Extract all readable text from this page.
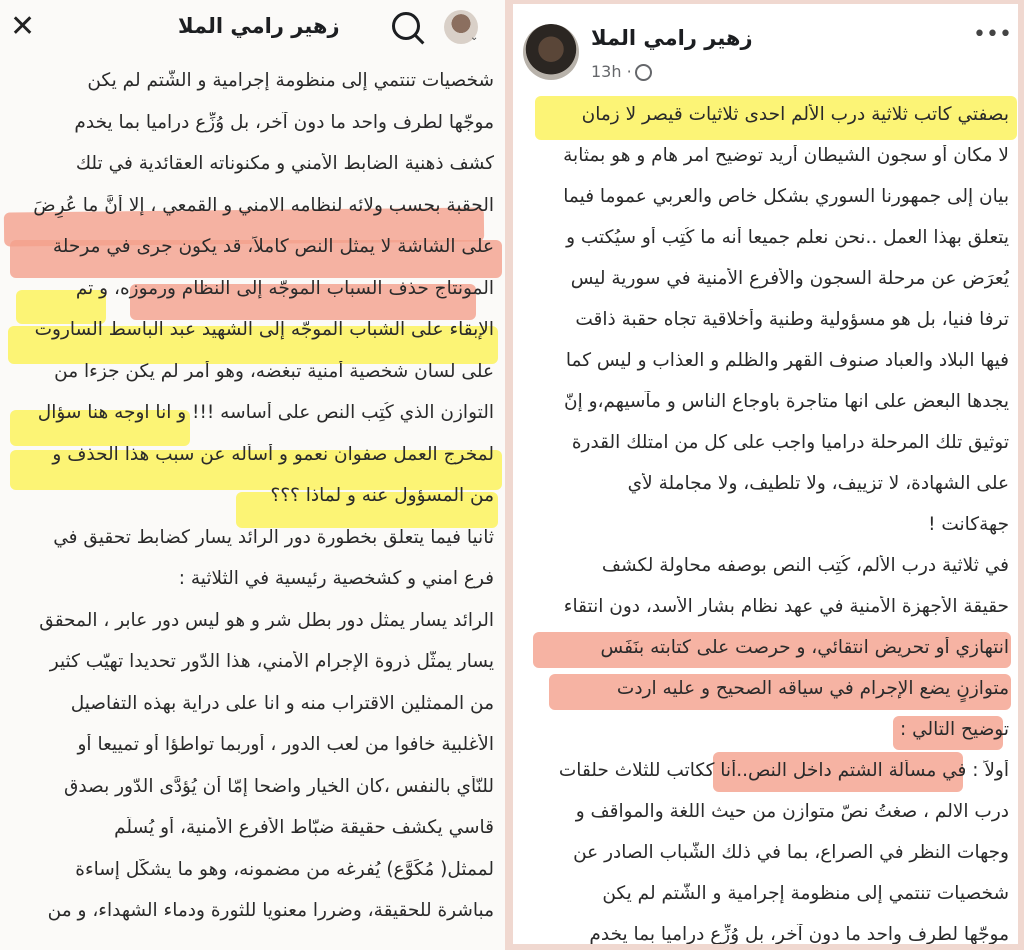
✕	زهير رامي الملا	⌄
شخصيات تنتمي إلى منظومة إجرامية و الشّتم لم يكن
موجّها لطرف واحد ما دون آخر، بل وُزِّع دراميا بما يخدم
كشف ذهنية الضابط الأمني و مكنوناته العقائدية في تلك
الحقبة بحسب ولائه لنظامه الامني و القمعي ، إلا أنَّ ما عُرِضَ
على الشاشة لا يمثل النص كاملاً، قد يكون جرى في مرحلة
المونتاج حذف السباب الموجّه إلى النظام ورموزه، و تم
الإبقاء على الشباب الموجّه إلى الشهيد عبد الباسط الساروت
على لسان شخصية أمنية تبغضه، وهو أمر لم يكن جزءا من
التوازن الذي كُتِب النص على أساسه !!! و انا اوجه هنا سؤال
لمخرج العمل صفوان نعمو و أسأله عن سبب هذا الحذف و
من المسؤول عنه و لماذا ؟؟؟
ثانيا فيما يتعلق بخطورة دور الرائد يسار كضابط تحقيق في
فرع امني و كشخصية رئيسية في الثلاثية :
الرائد يسار يمثل دور بطل شر و هو ليس دور عابر ، المحقق
يسار يمثّل ذروة الإجرام الأمني، هذا الدّور تحديدا تهيّب كثير
من الممثلين الاقتراب منه و انا على دراية بهذه التفاصيل
الأغلبية خافوا من لعب الدور ، أوربما تواطؤا أو تمييعا أو
للنّأي بالنفس ،كان الخيار واضحا إمّا أن يُؤدَّى الدّور بصدق
قاسي يكشف حقيقة ضبّاط الأفرع الأمنية، أو يُسلَّم
لممثل( مُكَوَّع) يُفرغه من مضمونه، وهو ما يشكّل إساءة
مباشرة للحقيقة، وضررا معنويا للثورة ودماء الشهداء، و من
زهير رامي الملا
13h ·
•••
بصفتي كاتب ثلاثية درب الألم احدى ثلاثيات قيصر لا زمان
لا مكان أو سجون الشيطان أريد توضيح امر هام و هو بمثابة
بيان إلى جمهورنا السوري بشكل خاص والعربي عموما فيما
يتعلق بهذا العمل ..نحن نعلم جميعا أنه ما كُتِب أو سيُكتب و
يُعرَض عن مرحلة السجون والأفرع الأمنية في سورية ليس
ترفا فنيا، بل هو مسؤولية وطنية وأخلاقية تجاه حقبة ذاقت
فيها البلاد والعباد صنوف القهر والظلم و العذاب و ليس كما
يجدها البعض على انها متاجرة باوجاع الناس و مآسيهم،و إنّ
توثيق تلك المرحلة دراميا واجب على كل من امتلك القدرة
على الشهادة، لا تزييف، ولا تلطيف، ولا مجاملة لأي
جهةكانت !
في ثلاثية درب الألم، كُتِب النص بوصفه محاولة لكشف
حقيقة الأجهزة الأمنية في عهد نظام بشار الأسد، دون انتقاء
انتهازي أو تحريض انتقائي، و حرصت على كتابته بنَفَس
متوازنٍ يضع الإجرام في سياقه الصحيح و عليه اردت
توضيح التالي :
أولاً : في مسألة الشتم داخل النص..أنا ككاتب للثلاث حلقات
درب الالم ، صغتُ نصّ متوازن من حيث اللغة والمواقف و
وجهات النظر في الصراع، بما في ذلك الشّباب الصادر عن
شخصيات تنتمي إلى منظومة إجرامية و الشّتم لم يكن
موجّها لطرف واحد ما دون آخر، بل وُزِّع دراميا بما يخدم
